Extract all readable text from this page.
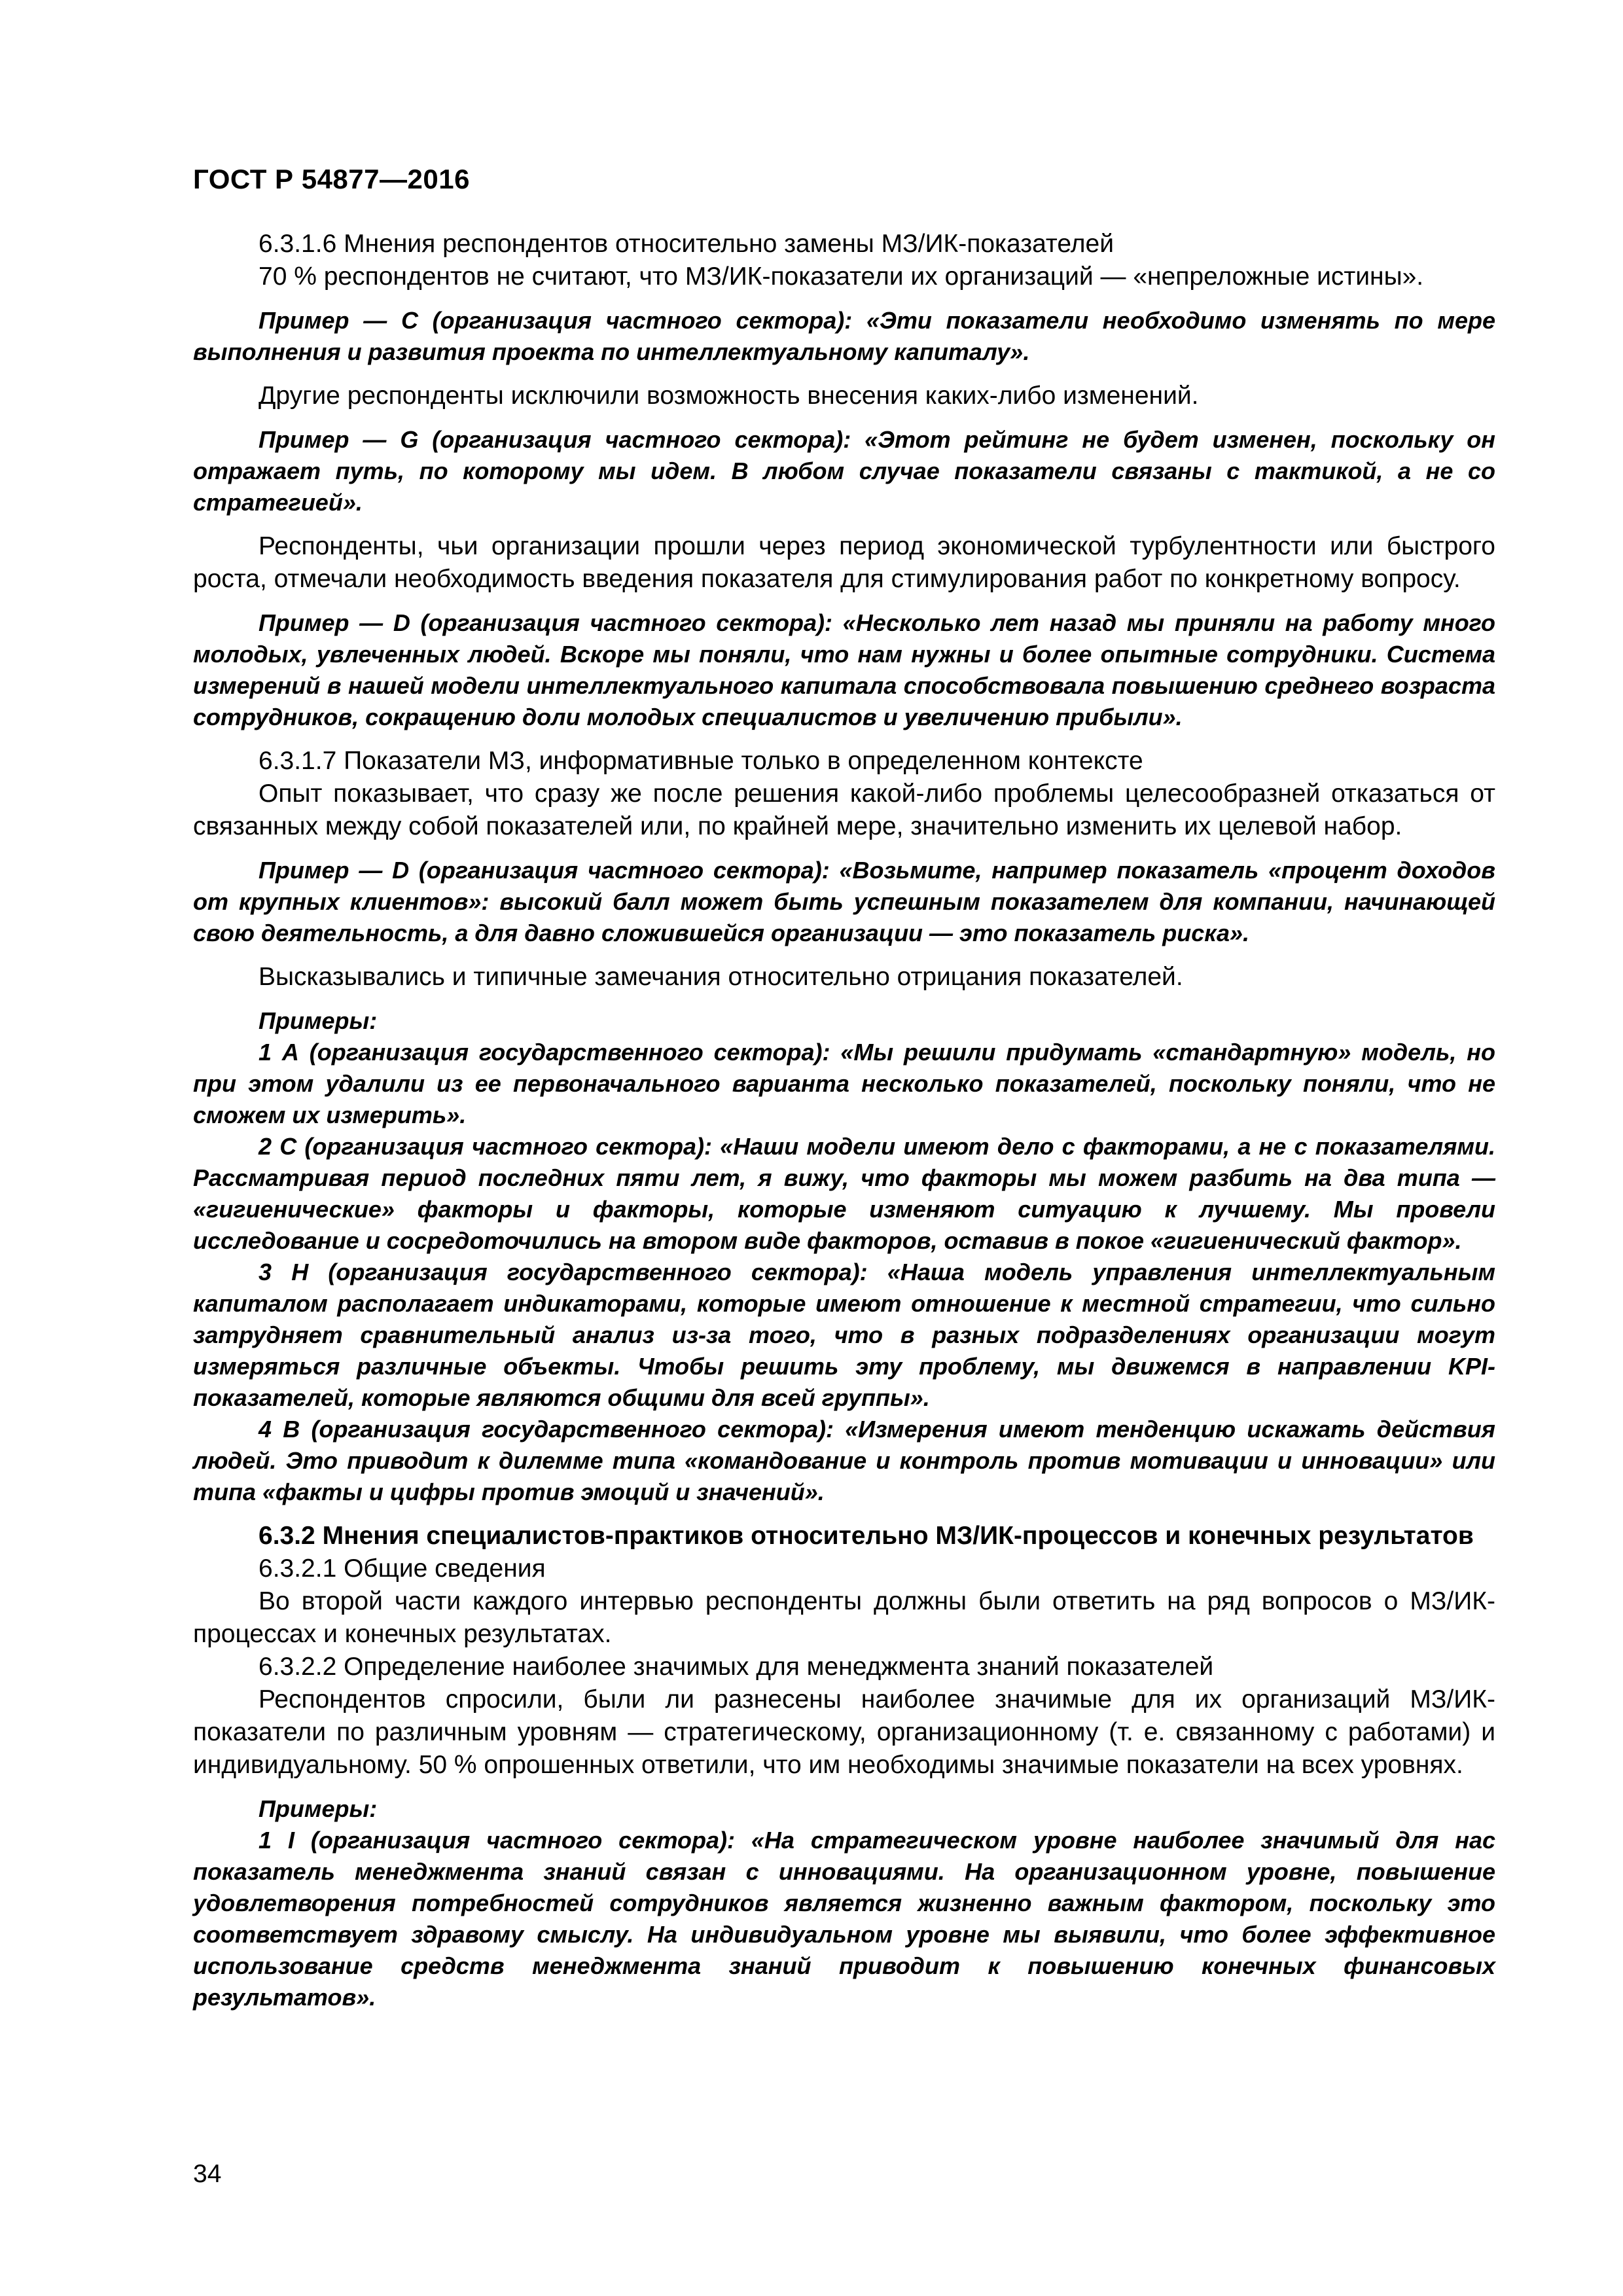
ГОСТ Р 54877—2016

6.3.1.6 Мнения респондентов относительно замены МЗ/ИК-показателей

70 % респондентов не считают, что МЗ/ИК-показатели их организаций — «непреложные истины».

Пример — С (организация частного сектора): «Эти показатели необходимо изменять по мере выполнения и развития проекта по интеллектуальному капиталу».

Другие респонденты исключили возможность внесения каких-либо изменений.

Пример — G (организация частного сектора): «Этот рейтинг не будет изменен, поскольку он отражает путь, по которому мы идем. В любом случае показатели связаны с тактикой, а не со стратегией».

Респонденты, чьи организации прошли через период экономической турбулентности или быстрого роста, отмечали необходимость введения показателя для стимулирования работ по конкретному вопросу.

Пример — D (организация частного сектора): «Несколько лет назад мы приняли на работу много молодых, увлеченных людей. Вскоре мы поняли, что нам нужны и более опытные сотрудники. Система измерений в нашей модели интеллектуального капитала способствовала повышению среднего возраста сотрудников, сокращению доли молодых специалистов и увеличению прибыли».

6.3.1.7 Показатели МЗ, информативные только в определенном контексте

Опыт показывает, что сразу же после решения какой-либо проблемы целесообразней отказаться от связанных между собой показателей или, по крайней мере, значительно изменить их целевой набор.

Пример — D (организация частного сектора): «Возьмите, например показатель «процент доходов от крупных клиентов»: высокий балл может быть успешным показателем для компании, начинающей свою деятельность, а для давно сложившейся организации — это показатель риска».

Высказывались и типичные замечания относительно отрицания показателей.

Примеры:

1 А (организация государственного сектора): «Мы решили придумать «стандартную» модель, но при этом удалили из ее первоначального варианта несколько показателей, поскольку поняли, что не сможем их измерить».

2 С (организация частного сектора): «Наши модели имеют дело с факторами, а не с показателями. Рассматривая период последних пяти лет, я вижу, что факторы мы можем разбить на два типа — «гигиенические» факторы и факторы, которые изменяют ситуацию к лучшему. Мы провели исследование и сосредоточились на втором виде факторов, оставив в покое «гигиенический фактор».

3 Н (организация государственного сектора): «Наша модель управления интеллектуальным капиталом располагает индикаторами, которые имеют отношение к местной стратегии, что сильно затрудняет сравнительный анализ из-за того, что в разных подразделениях организации могут измеряться различные объекты. Чтобы решить эту проблему, мы движемся в направлении KPI-показателей, которые являются общими для всей группы».

4 В (организация государственного сектора): «Измерения имеют тенденцию искажать действия людей. Это приводит к дилемме типа «командование и контроль против мотивации и инновации» или типа «факты и цифры против эмоций и значений».

6.3.2 Мнения специалистов-практиков относительно МЗ/ИК-процессов и конечных результатов

6.3.2.1 Общие сведения

Во второй части каждого интервью респонденты должны были ответить на ряд вопросов о МЗ/ИК-процессах и конечных результатах.

6.3.2.2 Определение наиболее значимых для менеджмента знаний показателей

Респондентов спросили, были ли разнесены наиболее значимые для их организаций МЗ/ИК-показатели по различным уровням — стратегическому, организационному (т. е. связанному с работами) и индивидуальному. 50 % опрошенных ответили, что им необходимы значимые показатели на всех уровнях.

Примеры:

1 I (организация частного сектора): «На стратегическом уровне наиболее значимый для нас показатель менеджмента знаний связан с инновациями. На организационном уровне, повышение удовлетворения потребностей сотрудников является жизненно важным фактором, поскольку это соответствует здравому смыслу. На индивидуальном уровне мы выявили, что более эффективное использование средств менеджмента знаний приводит к повышению конечных финансовых результатов».

34
